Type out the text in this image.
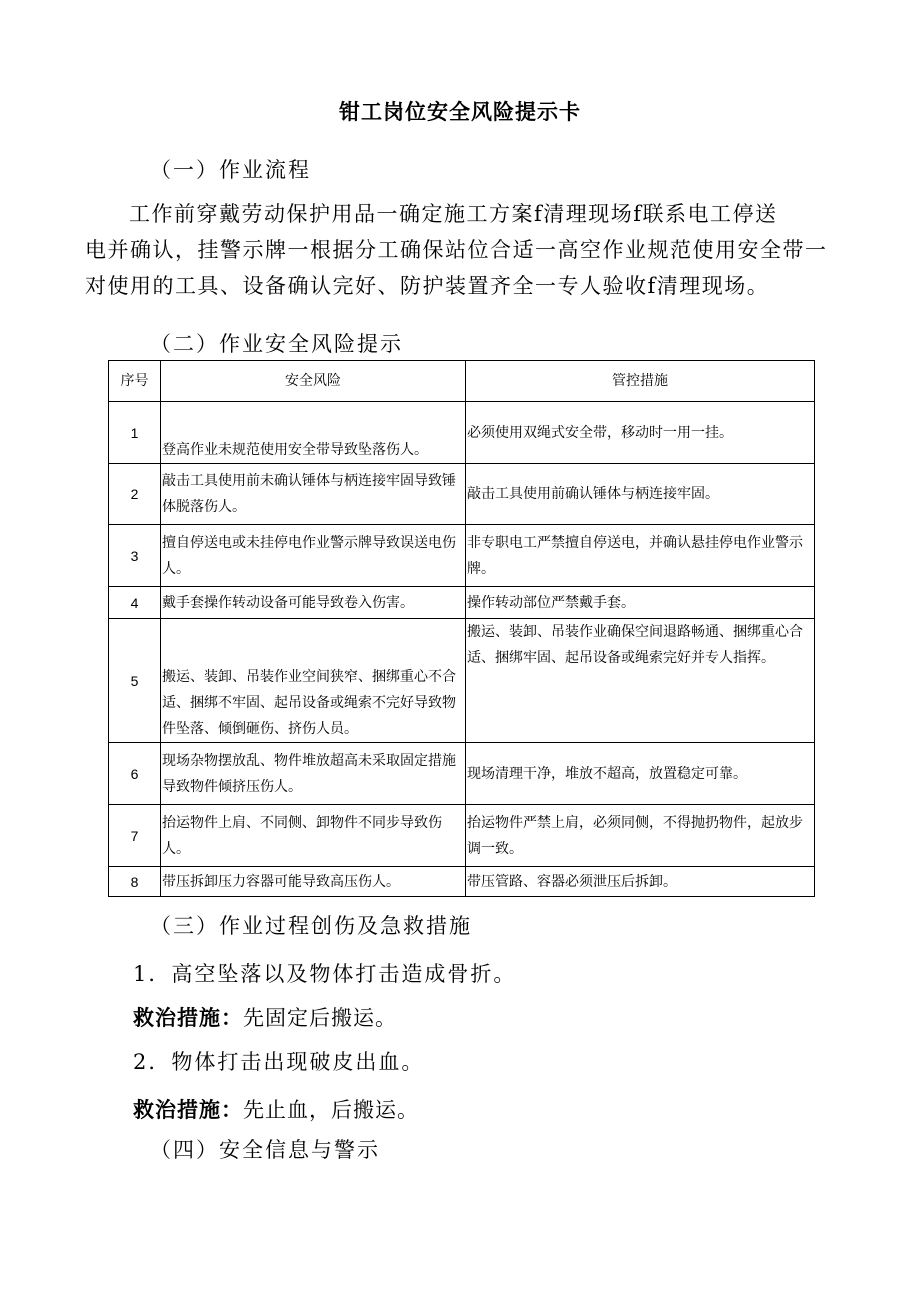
钳工岗位安全风险提示卡
（一）作业流程
工作前穿戴劳动保护用品一确定施工方案f清理现场f联系电工停送
电并确认，挂警示牌一根据分工确保站位合适一高空作业规范使用安全带一
对使用的工具、设备确认完好、防护装置齐全一专人验收f清理现场。
（二）作业安全风险提示
序号	安全风险	管控措施
1	登高作业未规范使用安全带导致坠落伤人。	必须使用双绳式安全带，移动时一用一挂。
2	敲击工具使用前未确认锤体与柄连接牢固导致锤体脱落伤人。	敲击工具使用前确认锤体与柄连接牢固。
3	擅自停送电或未挂停电作业警示牌导致误送电伤人。	非专职电工严禁擅自停送电，并确认悬挂停电作业警示牌。
4	戴手套操作转动设备可能导致卷入伤害。	操作转动部位严禁戴手套。
5	搬运、装卸、吊装作业空间狭窄、捆绑重心不合适、捆绑不牢固、起吊设备或绳索不完好导致物件坠落、倾倒砸伤、挤伤人员。	搬运、装卸、吊装作业确保空间退路畅通、捆绑重心合适、捆绑牢固、起吊设备或绳索完好并专人指挥。
6	现场杂物摆放乱、物件堆放超高未采取固定措施导致物件倾挤压伤人。	现场清理干净，堆放不超高，放置稳定可靠。
7	抬运物件上肩、不同侧、卸物件不同步导致伤人。	抬运物件严禁上肩，必须同侧，不得抛扔物件，起放步调一致。
8	带压拆卸压力容器可能导致高压伤人。	带压管路、容器必须泄压后拆卸。
（三）作业过程创伤及急救措施
1．高空坠落以及物体打击造成骨折。
救治措施：先固定后搬运。
2．物体打击出现破皮出血。
救治措施：先止血，后搬运。
（四）安全信息与警示
